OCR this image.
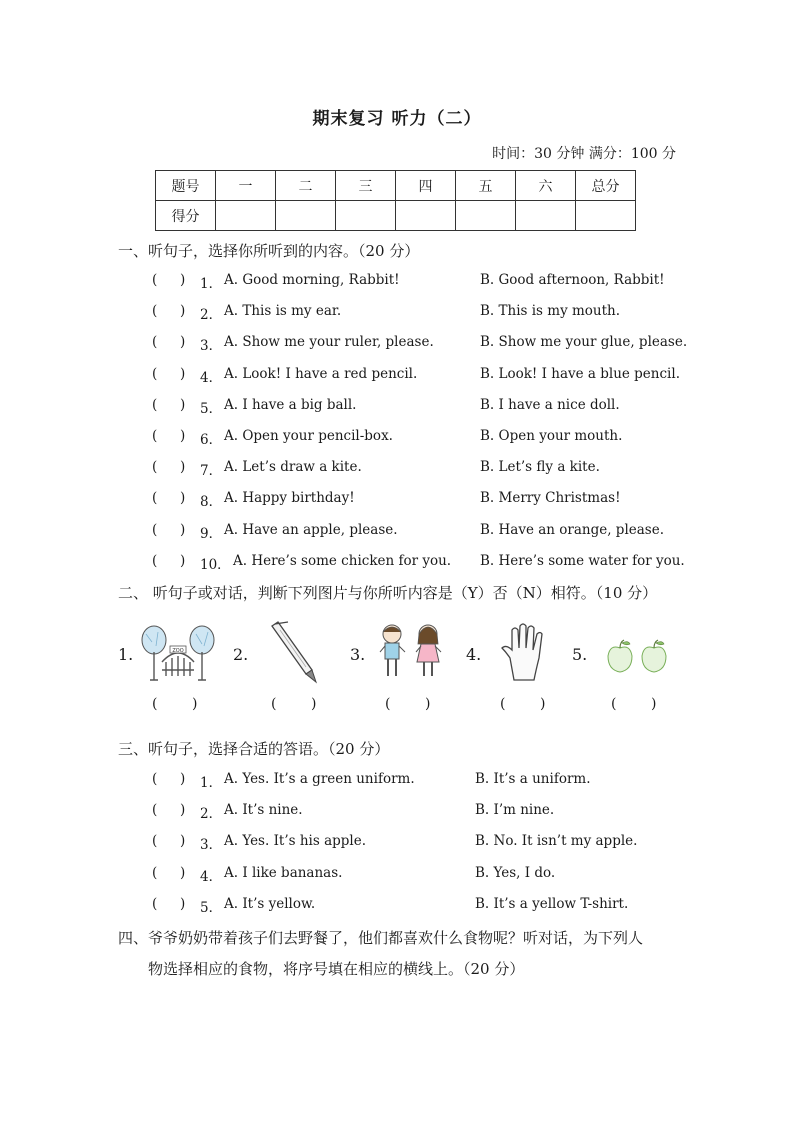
期末复习 听力（二）
时间：30 分钟 满分：100 分
题号	一	二	三	四	五	六	总分
得分							
一、听句子，选择你所听到的内容。（20 分）
( )	1． A. Good morning, Rabbit!	B. Good afternoon, Rabbit!
( )	2． A. This is my ear.	B. This is my mouth.
( )	3． A. Show me your ruler, please.	B. Show me your glue, please.
( )	4． A. Look! I have a red pencil.	B. Look! I have a blue pencil.
( )	5． A. I have a big ball.	B. I have a nice doll.
( )	6． A. Open your pencil-box.	B. Open your mouth.
( )	7． A. Let’s draw a kite.	B. Let’s fly a kite.
( )	8． A. Happy birthday!	B. Merry Christmas!
( )	9． A. Have an apple, please.	B. Have an orange, please.
( )	10． A. Here’s some chicken for you. B. Here’s some water for you.
二、 听句子或对话，判断下列图片与你所听内容是（Y）否（N）相符。（10 分）
1.	2.	3.	4.	5.
ZOO
( )	( )	( )	( )	( )
三、听句子，选择合适的答语。（20 分）
( )	1． A. Yes. It’s a green uniform.	B. It’s a uniform.
( )	2． A. It’s nine.	B. I’m nine.
( )	3． A. Yes. It’s his apple.	B. No. It isn’t my apple.
( )	4． A. I like bananas.	B. Yes, I do.
( )	5． A. It’s yellow.	B. It’s a yellow T-shirt.
四、爷爷奶奶带着孩子们去野餐了，他们都喜欢什么食物呢？听对话，为下列人
物选择相应的食物，将序号填在相应的横线上。（20 分）
